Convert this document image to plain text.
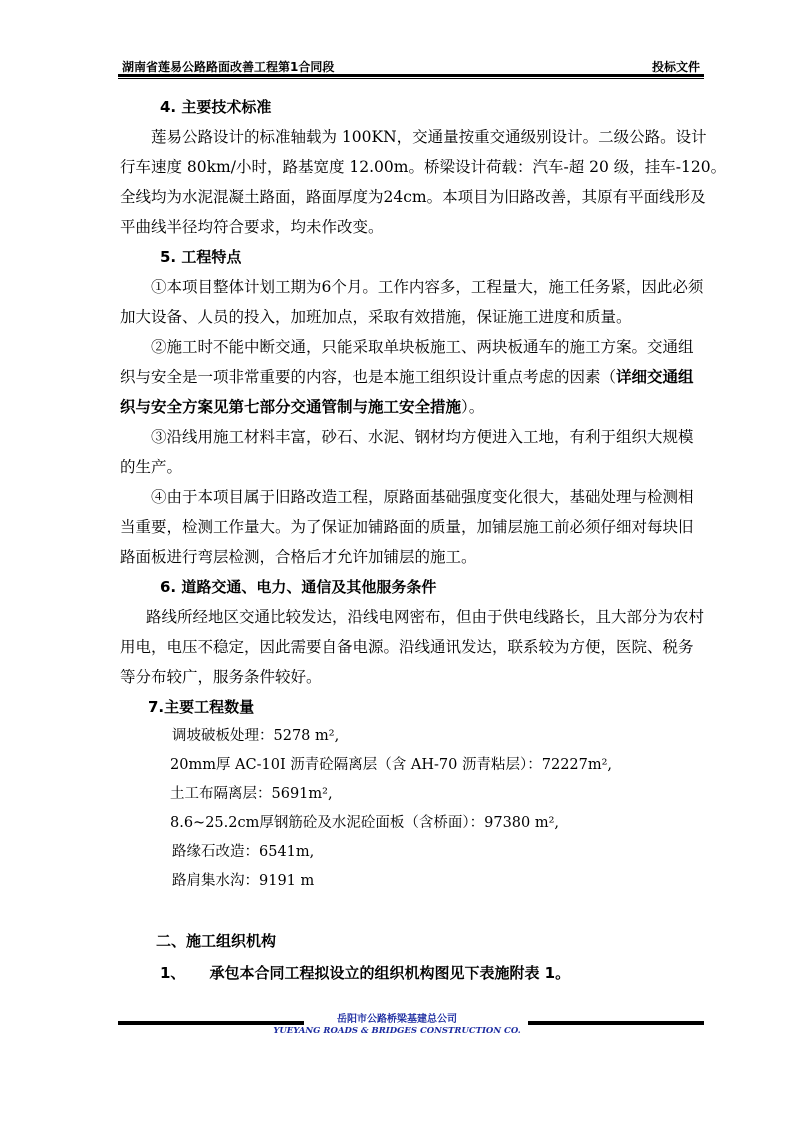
湖南省莲易公路路面改善工程第1合同段	投标文件
4. 主要技术标准
莲易公路设计的标准轴载为 100KN，交通量按重交通级别设计。二级公路。设计
行车速度 80km/小时，路基宽度 12.00m。桥梁设计荷载：汽车-超 20 级，挂车-120。
全线均为水泥混凝土路面，路面厚度为24cm。本项目为旧路改善，其原有平面线形及
平曲线半径均符合要求，均未作改变。
5. 工程特点
①本项目整体计划工期为6个月。工作内容多，工程量大，施工任务紧，因此必须
加大设备、人员的投入，加班加点，采取有效措施，保证施工进度和质量。
②施工时不能中断交通，只能采取单块板施工、两块板通车的施工方案。交通组
织与安全是一项非常重要的内容，也是本施工组织设计重点考虑的因素（详细交通组
织与安全方案见第七部分交通管制与施工安全措施）。
③沿线用施工材料丰富，砂石、水泥、钢材均方便进入工地，有利于组织大规模
的生产。
④由于本项目属于旧路改造工程，原路面基础强度变化很大，基础处理与检测相
当重要，检测工作量大。为了保证加铺路面的质量，加铺层施工前必须仔细对每块旧
路面板进行弯层检测，合格后才允许加铺层的施工。
6. 道路交通、电力、通信及其他服务条件
路线所经地区交通比较发达，沿线电网密布，但由于供电线路长，且大部分为农村
用电，电压不稳定，因此需要自备电源。沿线通讯发达，联系较为方便，医院、税务
等分布较广，服务条件较好。
7.主要工程数量
调坡破板处理：5278 m²,
20mm厚 AC-10I 沥青砼隔离层（含 AH-70 沥青粘层）：72227m²,
土工布隔离层：5691m²,
8.6~25.2cm厚钢筋砼及水泥砼面板（含桥面）：97380 m²,
路缘石改造：6541m,
路肩集水沟：9191 m
二、施工组织机构
1、 承包本合同工程拟设立的组织机构图见下表施附表 1。
岳阳市公路桥梁基建总公司
YUEYANG ROADS & BRIDGES CONSTRUCTION CO.
